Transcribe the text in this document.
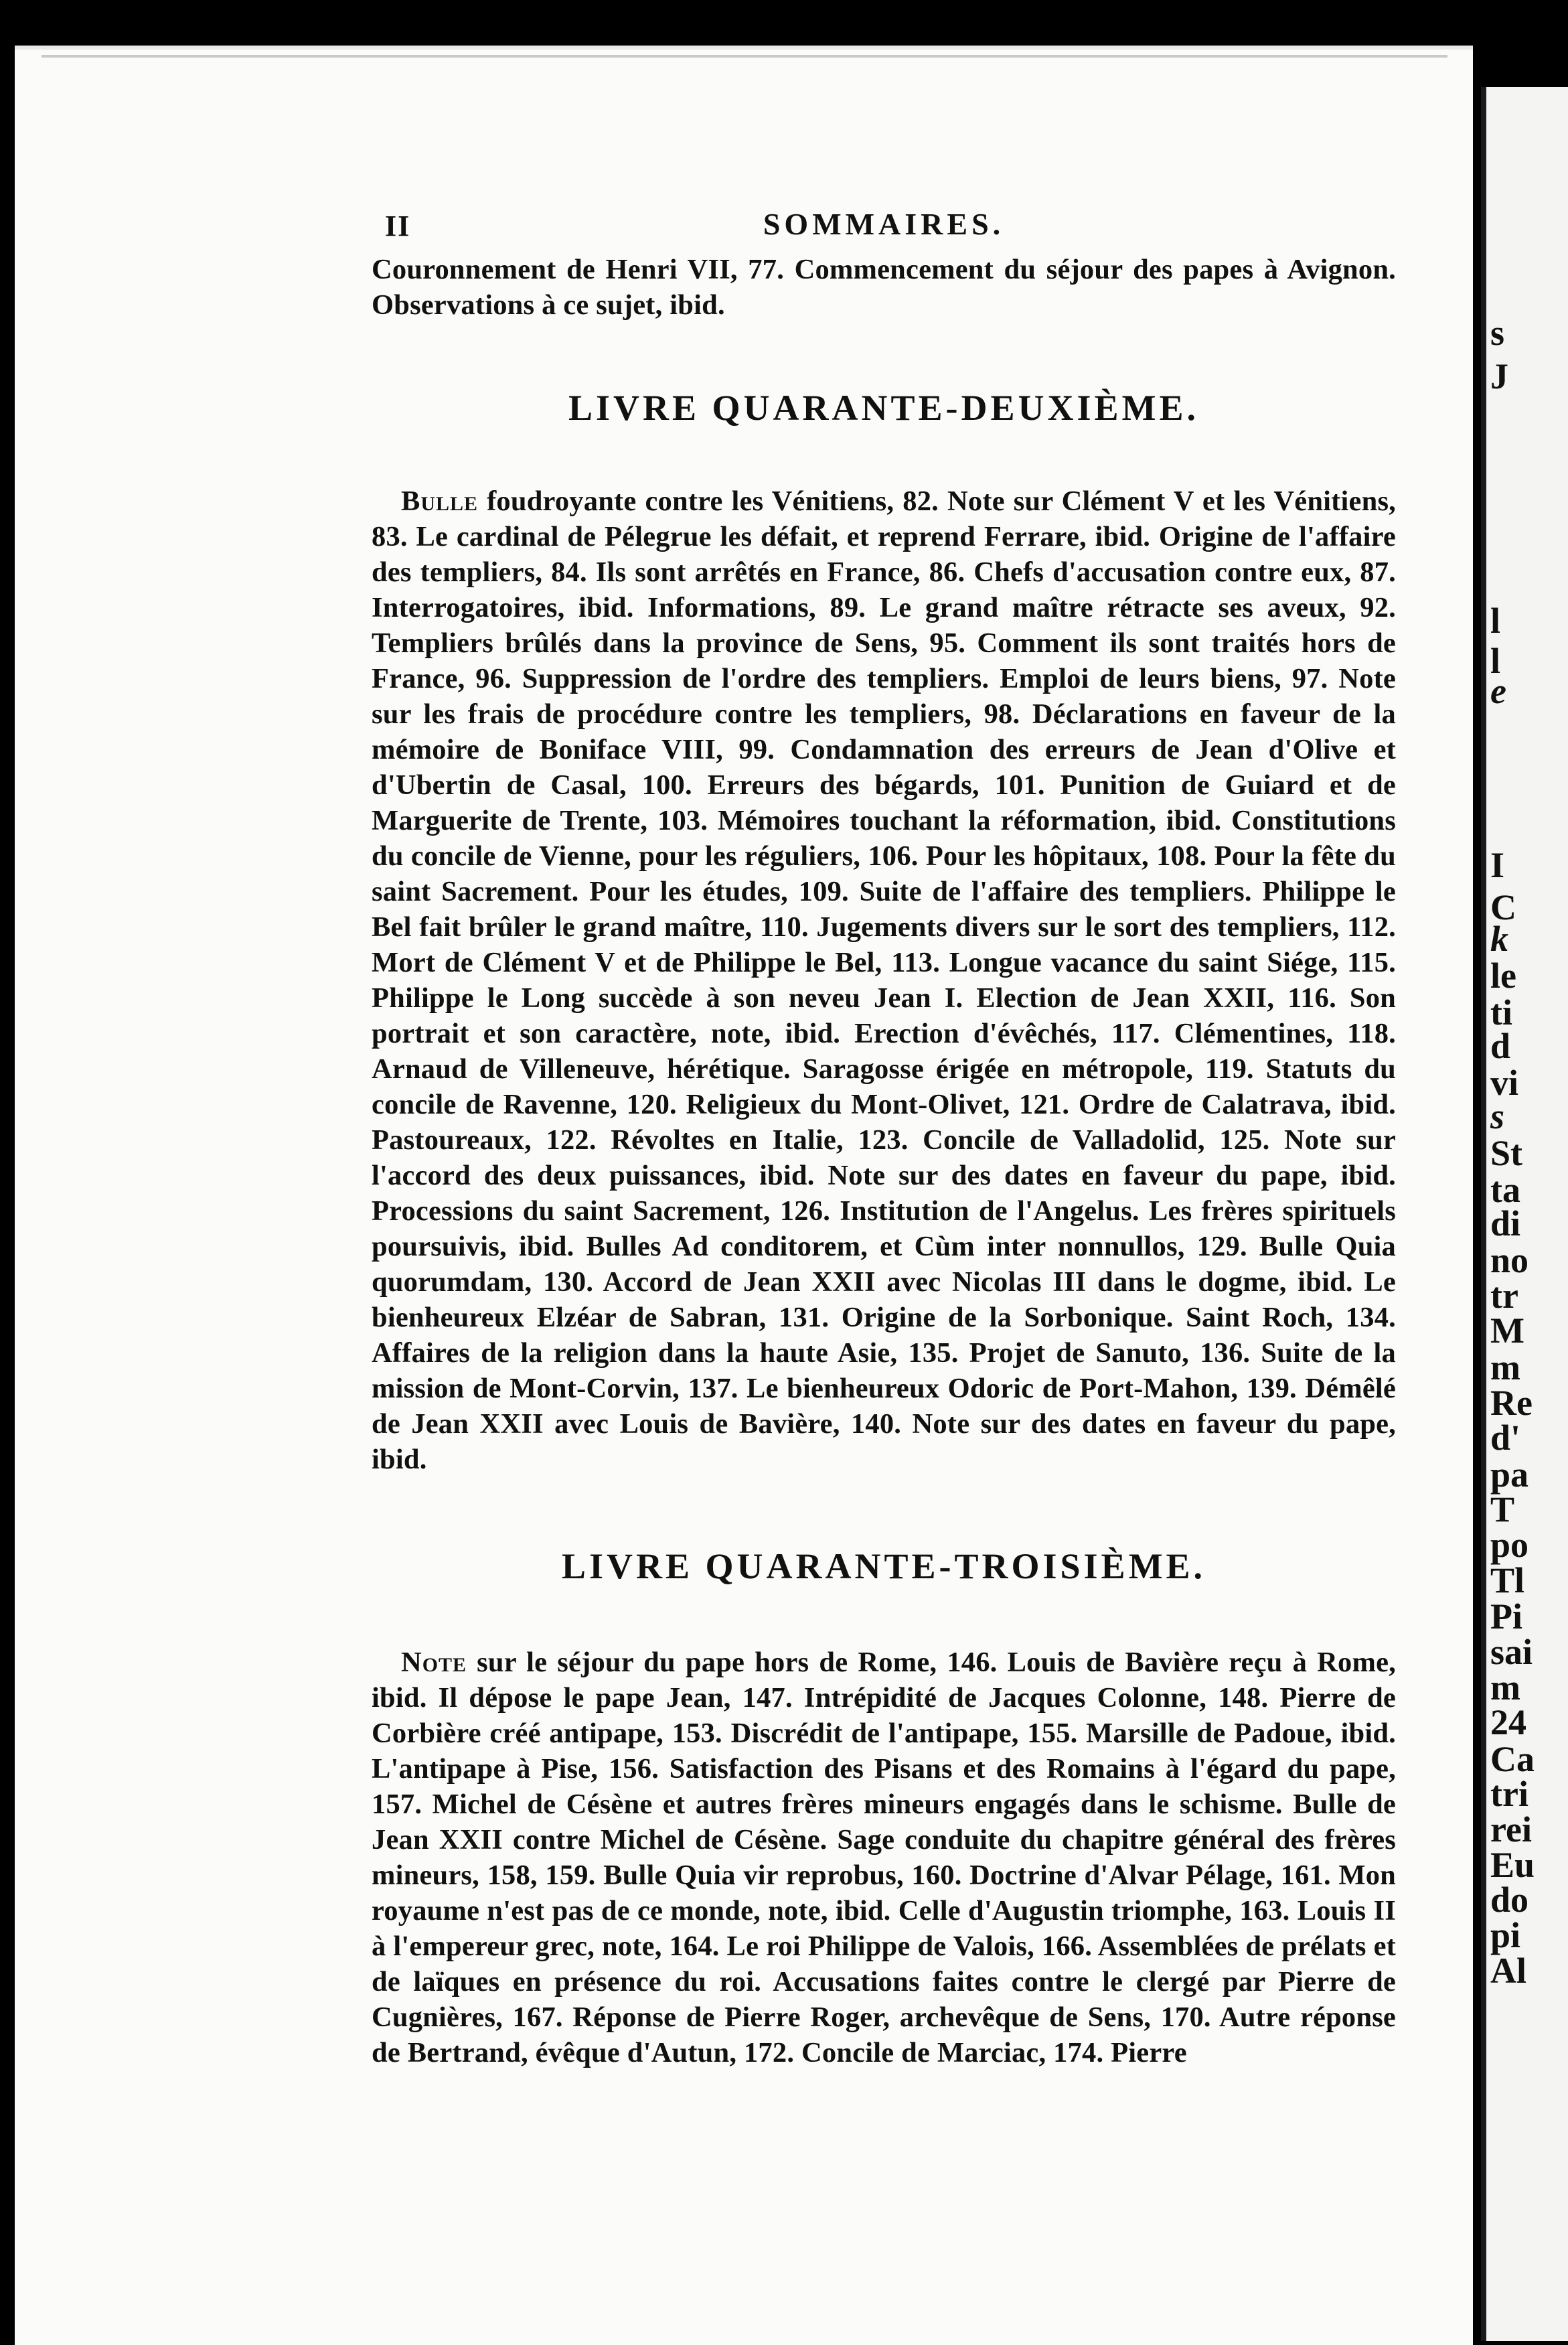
s
J
l
l
e
I
C
k
le
ti
d
vi
s
St
ta
di
no
tr
M
m
Re
d'
pa
T
po
Tl
Pi
sai
m
24
Ca
tri
rei
Eu
do
pi
Al
II	SOMMAIRES.

Couronnement de Henri VII, 77. Commencement du séjour des papes à Avignon. Observations à ce sujet, ibid.

LIVRE QUARANTE-DEUXIÈME.

Bulle foudroyante contre les Vénitiens, 82. Note sur Clément V et les Vénitiens, 83. Le cardinal de Pélegrue les défait, et reprend Ferrare, ibid. Origine de l'affaire des templiers, 84. Ils sont arrêtés en France, 86. Chefs d'accusation contre eux, 87. Interrogatoires, ibid. Informations, 89. Le grand maître rétracte ses aveux, 92. Templiers brûlés dans la province de Sens, 95. Comment ils sont traités hors de France, 96. Suppression de l'ordre des templiers. Emploi de leurs biens, 97. Note sur les frais de procédure contre les templiers, 98. Déclarations en faveur de la mémoire de Boniface VIII, 99. Condamnation des erreurs de Jean d'Olive et d'Ubertin de Casal, 100. Erreurs des bégards, 101. Punition de Guiard et de Marguerite de Trente, 103. Mémoires touchant la réformation, ibid. Constitutions du concile de Vienne, pour les réguliers, 106. Pour les hôpitaux, 108. Pour la fête du saint Sacrement. Pour les études, 109. Suite de l'affaire des templiers. Philippe le Bel fait brûler le grand maître, 110. Jugements divers sur le sort des templiers, 112. Mort de Clément V et de Philippe le Bel, 113. Longue vacance du saint Siége, 115. Philippe le Long succède à son neveu Jean I. Election de Jean XXII, 116. Son portrait et son caractère, note, ibid. Erection d'évêchés, 117. Clémentines, 118. Arnaud de Villeneuve, hérétique. Saragosse érigée en métropole, 119. Statuts du concile de Ravenne, 120. Religieux du Mont-Olivet, 121. Ordre de Calatrava, ibid. Pastoureaux, 122. Révoltes en Italie, 123. Concile de Valladolid, 125. Note sur l'accord des deux puissances, ibid. Note sur des dates en faveur du pape, ibid. Processions du saint Sacrement, 126. Institution de l'Angelus. Les frères spirituels poursuivis, ibid. Bulles Ad conditorem, et Cùm inter nonnullos, 129. Bulle Quia quorumdam, 130. Accord de Jean XXII avec Nicolas III dans le dogme, ibid. Le bienheureux Elzéar de Sabran, 131. Origine de la Sorbonique. Saint Roch, 134. Affaires de la religion dans la haute Asie, 135. Projet de Sanuto, 136. Suite de la mission de Mont-Corvin, 137. Le bienheureux Odoric de Port-Mahon, 139. Démêlé de Jean XXII avec Louis de Bavière, 140. Note sur des dates en faveur du pape, ibid.

LIVRE QUARANTE-TROISIÈME.

Note sur le séjour du pape hors de Rome, 146. Louis de Bavière reçu à Rome, ibid. Il dépose le pape Jean, 147. Intrépidité de Jacques Colonne, 148. Pierre de Corbière créé antipape, 153. Discrédit de l'antipape, 155. Marsille de Padoue, ibid. L'antipape à Pise, 156. Satisfaction des Pisans et des Romains à l'égard du pape, 157. Michel de Césène et autres frères mineurs engagés dans le schisme. Bulle de Jean XXII contre Michel de Césène. Sage conduite du chapitre général des frères mineurs, 158, 159. Bulle Quia vir reprobus, 160. Doctrine d'Alvar Pélage, 161. Mon royaume n'est pas de ce monde, note, ibid. Celle d'Augustin triomphe, 163. Louis II à l'empereur grec, note, 164. Le roi Philippe de Valois, 166. Assemblées de prélats et de laïques en présence du roi. Accusations faites contre le clergé par Pierre de Cugnières, 167. Réponse de Pierre Roger, archevêque de Sens, 170. Autre réponse de Bertrand, évêque d'Autun, 172. Concile de Marciac, 174. Pierre
